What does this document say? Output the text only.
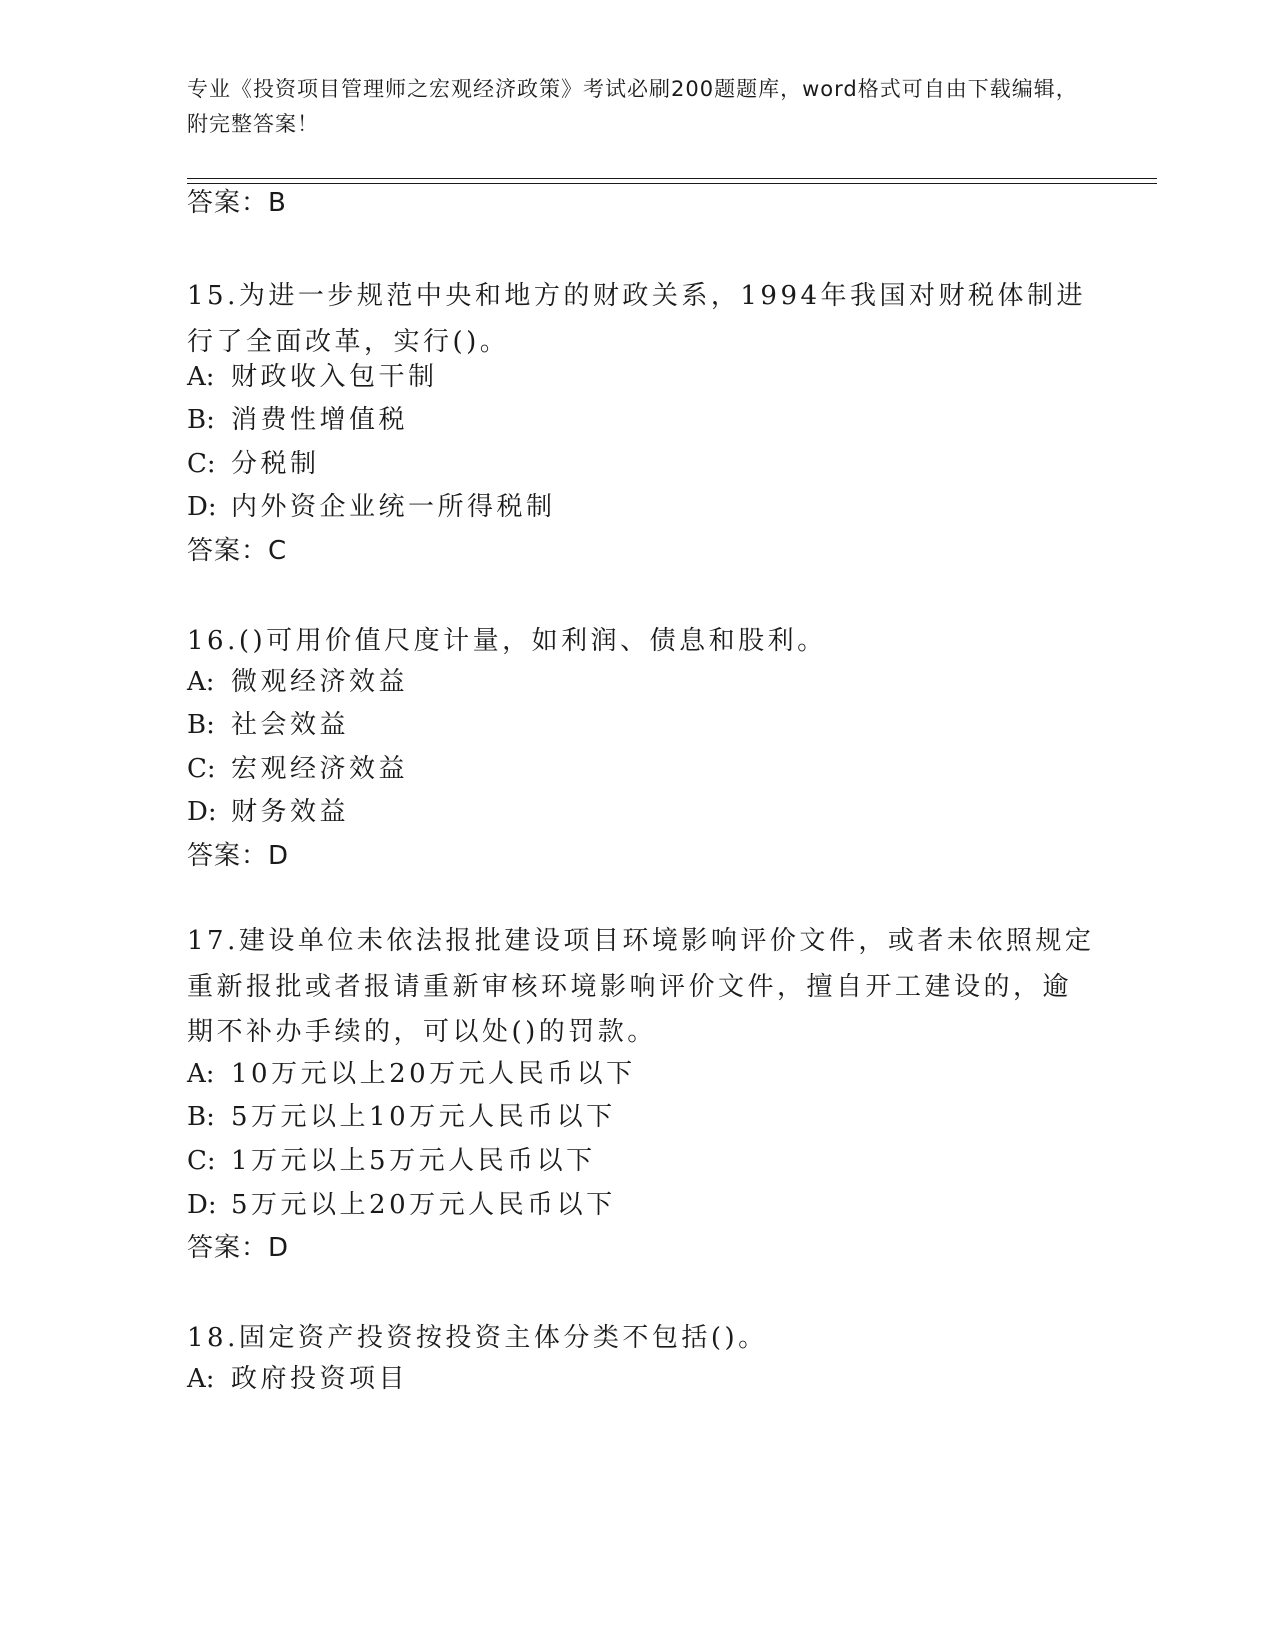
专业《投资项目管理师之宏观经济政策》考试必刷200题题库，word格式可自由下载编辑，附完整答案！
答案：B
15.为进一步规范中央和地方的财政关系，1994年我国对财税体制进行了全面改革，实行()。
A: 财政收入包干制
B: 消费性增值税
C: 分税制
D: 内外资企业统一所得税制
答案：C
16.()可用价值尺度计量，如利润、债息和股利。
A: 微观经济效益
B: 社会效益
C: 宏观经济效益
D: 财务效益
答案：D
17.建设单位未依法报批建设项目环境影响评价文件，或者未依照规定重新报批或者报请重新审核环境影响评价文件，擅自开工建设的，逾期不补办手续的，可以处()的罚款。
A: 10万元以上20万元人民币以下
B: 5万元以上10万元人民币以下
C: 1万元以上5万元人民币以下
D: 5万元以上20万元人民币以下
答案：D
18.固定资产投资按投资主体分类不包括()。
A: 政府投资项目
